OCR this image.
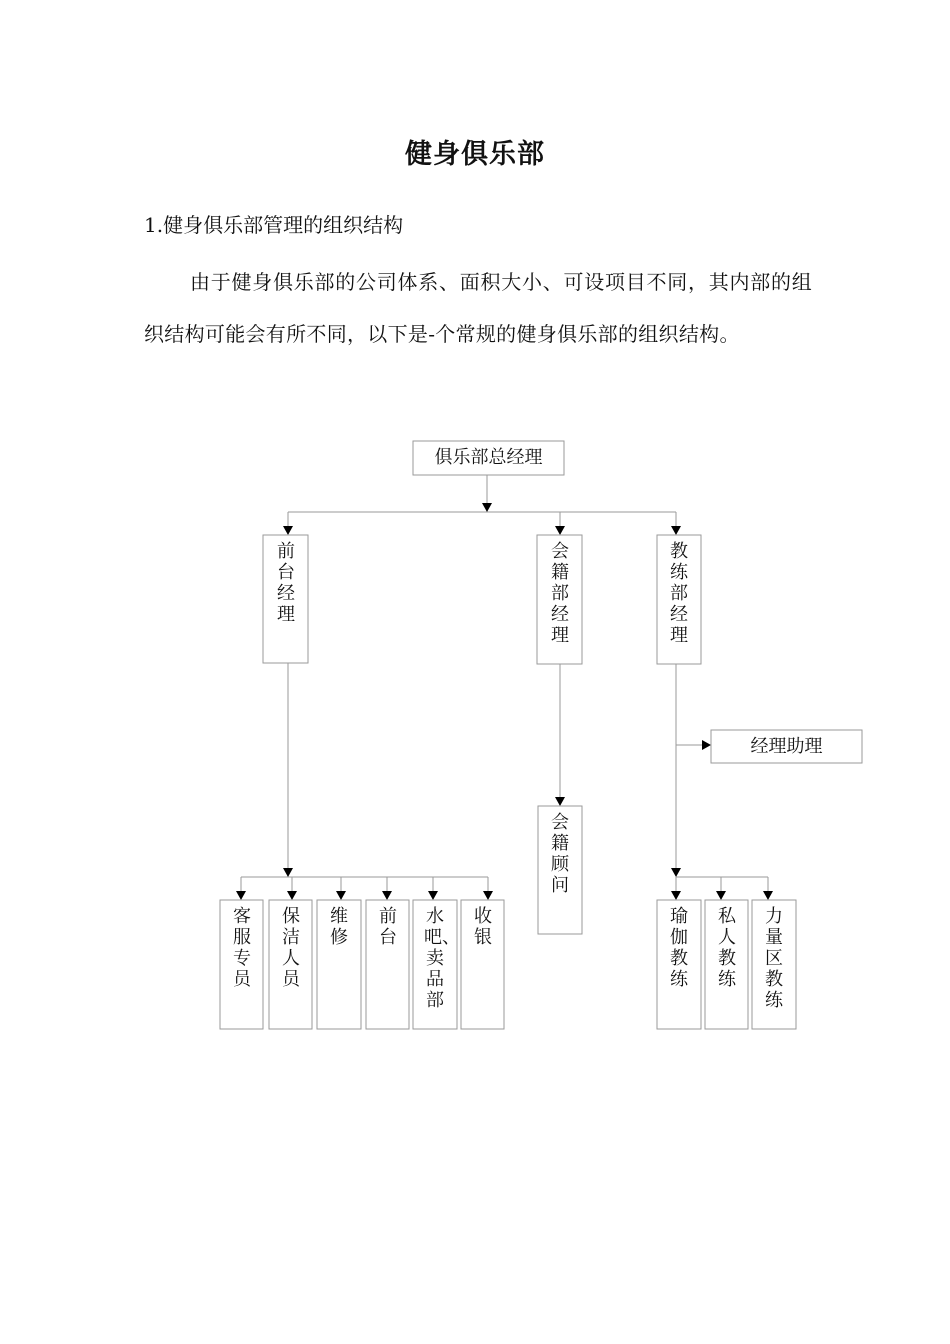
健身俱乐部
1.健身俱乐部管理的组织结构

由于健身俱乐部的公司体系、面积大小、可设项目不同，其内部的组织结构可能会有所不同，以下是-个常规的健身俱乐部的组织结构。

俱乐部总经理
前台经理
会籍部经理
教练部经理
经理助理
会籍顾问
客服专员
保洁人员
维修
前台
水吧、卖品部
收银
瑜伽教练
私人教练
力量区教练
